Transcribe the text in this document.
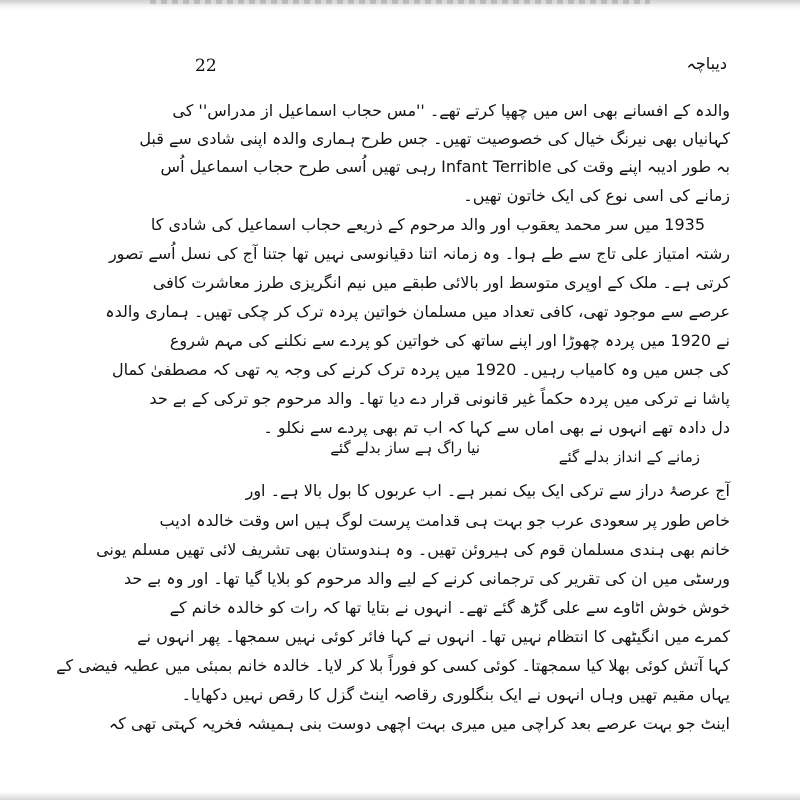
22	دیباچہ
والدہ کے افسانے بھی اس میں چھپا کرتے تھے۔ ''مس حجاب اسماعیل از مدراس'' کی
کہانیاں بھی نیرنگ خیال کی خصوصیت تھیں۔ جس طرح ہماری والدہ اپنی شادی سے قبل
بہ طور ادیبہ اپنے وقت کی Infant Terrible رہی تھیں اُسی طرح حجاب اسماعیل اُس
زمانے کی اسی نوع کی ایک خاتون تھیں۔
1935 میں سر محمد یعقوب اور والد مرحوم کے ذریعے حجاب اسماعیل کی شادی کا
رشتہ امتیاز علی تاج سے طے ہوا۔ وہ زمانہ اتنا دقیانوسی نہیں تھا جتنا آج کی نسل اُسے تصور
کرتی ہے۔ ملک کے اوپری متوسط اور بالائی طبقے میں نیم انگریزی طرز معاشرت کافی
عرصے سے موجود تھی، کافی تعداد میں مسلمان خواتین پردہ ترک کر چکی تھیں۔ ہماری والدہ
نے 1920 میں پردہ چھوڑا اور اپنے ساتھ کی خواتین کو پردے سے نکلنے کی مہم شروع
کی جس میں وہ کامیاب رہیں۔ 1920 میں پردہ ترک کرنے کی وجہ یہ تھی کہ مصطفیٰ کمال
پاشا نے ترکی میں پردہ حکماً غیر قانونی قرار دے دیا تھا۔ والد مرحوم جو ترکی کے بے حد
دل دادہ تھے انہوں نے بھی اماں سے کہا کہ اب تم بھی پردے سے نکلو ۔
زمانے کے انداز بدلے گئے
نیا راگ ہے ساز بدلے گئے
آج عرصۂ دراز سے ترکی ایک بیک نمبر ہے۔ اب عربوں کا بول بالا ہے۔ اور
خاص طور پر سعودی عرب جو بہت ہی قدامت پرست لوگ ہیں اس وقت خالدہ ادیب
خانم بھی ہندی مسلمان قوم کی ہیروئن تھیں۔ وہ ہندوستان بھی تشریف لائی تھیں مسلم یونی
ورسٹی میں ان کی تقریر کی ترجمانی کرنے کے لیے والد مرحوم کو بلایا گیا تھا۔ اور وہ بے حد
خوش خوش اٹاوے سے علی گڑھ گئے تھے۔ انہوں نے بتایا تھا کہ رات کو خالدہ خانم کے
کمرے میں انگیٹھی کا انتظام نہیں تھا۔ انہوں نے کہا فائر کوئی نہیں سمجھا۔ پھر انہوں نے
کہا آتش کوئی بھلا کیا سمجھتا۔ کوئی کسی کو فوراً بلا کر لایا۔ خالدہ خانم بمبئی میں عطیہ فیضی کے
یہاں مقیم تھیں وہاں انہوں نے ایک بنگلوری رقاصہ اینٹ گزل کا رقص نہیں دکھایا۔
اینٹ جو بہت عرصے بعد کراچی میں میری بہت اچھی دوست بنی ہمیشہ فخریہ کہتی تھی کہ
